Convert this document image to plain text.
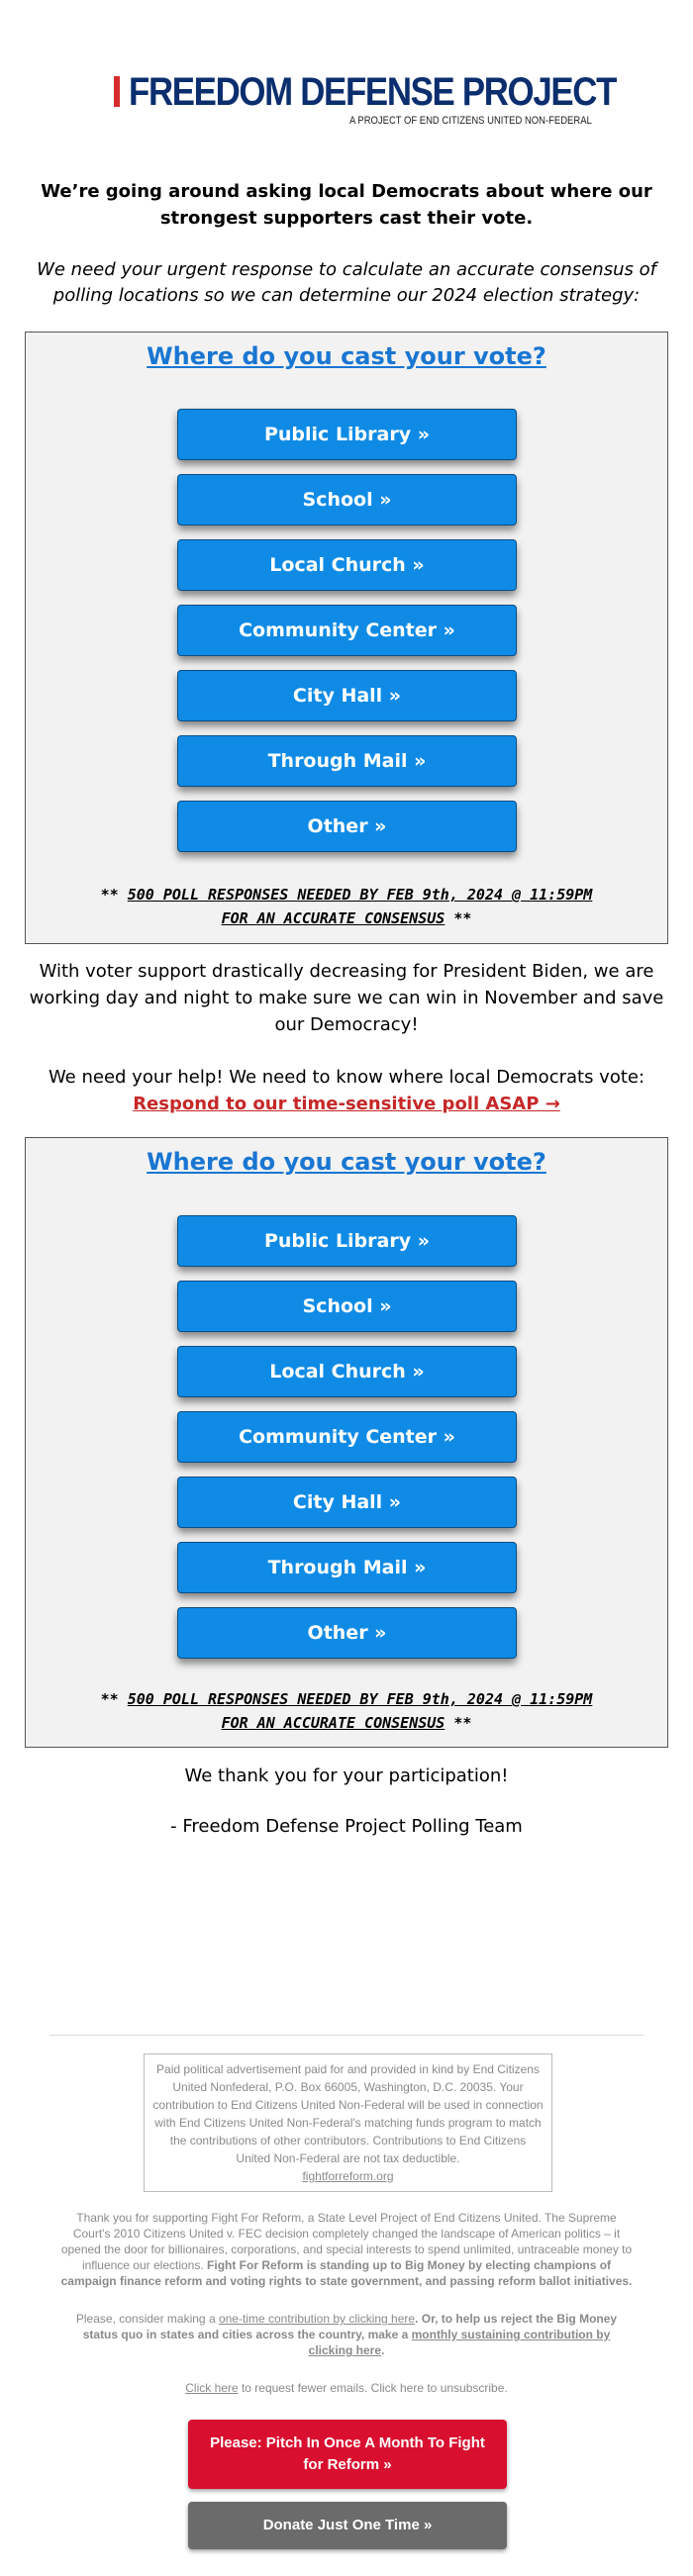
FREEDOM DEFENSE PROJECT
A PROJECT OF END CITIZENS UNITED NON-FEDERAL
We’re going around asking local Democrats about where our strongest supporters cast their vote.
We need your urgent response to calculate an accurate consensus of polling locations so we can determine our 2024 election strategy:
Where do you cast your vote?
Public Library »
School »
Local Church »
Community Center »
City Hall »
Through Mail »
Other »
** 500 POLL RESPONSES NEEDED BY FEB 9th, 2024 @ 11:59PM
FOR AN ACCURATE CONSENSUS **
With voter support drastically decreasing for President Biden, we are working day and night to make sure we can win in November and save our Democracy!
We need your help! We need to know where local Democrats vote:
Respond to our time-sensitive poll ASAP →
Where do you cast your vote?
Public Library »
School »
Local Church »
Community Center »
City Hall »
Through Mail »
Other »
** 500 POLL RESPONSES NEEDED BY FEB 9th, 2024 @ 11:59PM
FOR AN ACCURATE CONSENSUS **
We thank you for your participation!
- Freedom Defense Project Polling Team
Paid political advertisement paid for and provided in kind by End Citizens United Nonfederal, P.O. Box 66005, Washington, D.C. 20035. Your contribution to End Citizens United Non-Federal will be used in connection with End Citizens United Non-Federal's matching funds program to match the contributions of other contributors. Contributions to End Citizens United Non-Federal are not tax deductible.
fightforreform.org
Thank you for supporting Fight For Reform, a State Level Project of End Citizens United. The Supreme Court's 2010 Citizens United v. FEC decision completely changed the landscape of American politics – it opened the door for billionaires, corporations, and special interests to spend unlimited, untraceable money to influence our elections. Fight For Reform is standing up to Big Money by electing champions of campaign finance reform and voting rights to state government, and passing reform ballot initiatives.
Please, consider making a one-time contribution by clicking here. Or, to help us reject the Big Money status quo in states and cities across the country, make a monthly sustaining contribution by clicking here.
Click here to request fewer emails. Click here to unsubscribe.
Please: Pitch In Once A Month To Fight for Reform »
Donate Just One Time »
